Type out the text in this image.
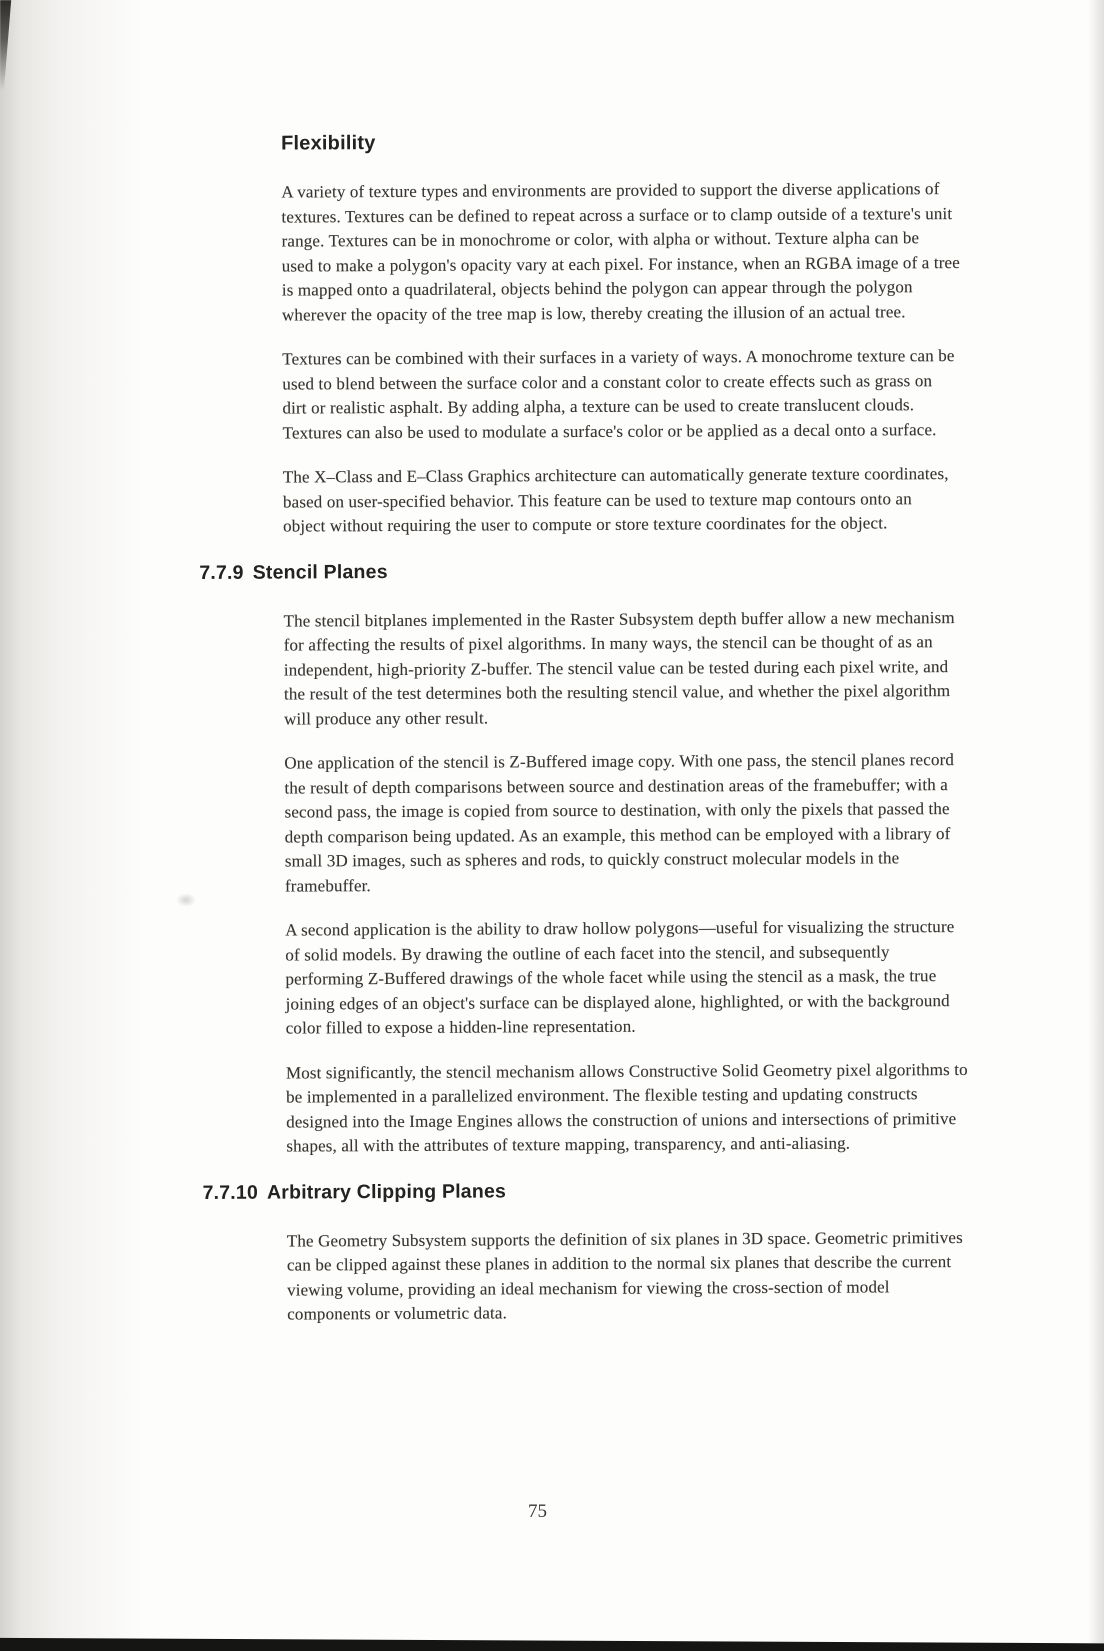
Flexibility

A variety of texture types and environments are provided to support the diverse applications of
textures. Textures can be defined to repeat across a surface or to clamp outside of a texture's unit
range. Textures can be in monochrome or color, with alpha or without. Texture alpha can be
used to make a polygon's opacity vary at each pixel. For instance, when an RGBA image of a tree
is mapped onto a quadrilateral, objects behind the polygon can appear through the polygon
wherever the opacity of the tree map is low, thereby creating the illusion of an actual tree.

Textures can be combined with their surfaces in a variety of ways. A monochrome texture can be
used to blend between the surface color and a constant color to create effects such as grass on
dirt or realistic asphalt. By adding alpha, a texture can be used to create translucent clouds.
Textures can also be used to modulate a surface's color or be applied as a decal onto a surface.

The X–Class and E–Class Graphics architecture can automatically generate texture coordinates,
based on user-specified behavior. This feature can be used to texture map contours onto an
object without requiring the user to compute or store texture coordinates for the object.

7.7.9 Stencil Planes

The stencil bitplanes implemented in the Raster Subsystem depth buffer allow a new mechanism
for affecting the results of pixel algorithms. In many ways, the stencil can be thought of as an
independent, high-priority Z-buffer. The stencil value can be tested during each pixel write, and
the result of the test determines both the resulting stencil value, and whether the pixel algorithm
will produce any other result.

One application of the stencil is Z-Buffered image copy. With one pass, the stencil planes record
the result of depth comparisons between source and destination areas of the framebuffer; with a
second pass, the image is copied from source to destination, with only the pixels that passed the
depth comparison being updated. As an example, this method can be employed with a library of
small 3D images, such as spheres and rods, to quickly construct molecular models in the
framebuffer.

A second application is the ability to draw hollow polygons—useful for visualizing the structure
of solid models. By drawing the outline of each facet into the stencil, and subsequently
performing Z-Buffered drawings of the whole facet while using the stencil as a mask, the true
joining edges of an object's surface can be displayed alone, highlighted, or with the background
color filled to expose a hidden-line representation.

Most significantly, the stencil mechanism allows Constructive Solid Geometry pixel algorithms to
be implemented in a parallelized environment. The flexible testing and updating constructs
designed into the Image Engines allows the construction of unions and intersections of primitive
shapes, all with the attributes of texture mapping, transparency, and anti-aliasing.

7.7.10 Arbitrary Clipping Planes

The Geometry Subsystem supports the definition of six planes in 3D space. Geometric primitives
can be clipped against these planes in addition to the normal six planes that describe the current
viewing volume, providing an ideal mechanism for viewing the cross-section of model
components or volumetric data.

75
